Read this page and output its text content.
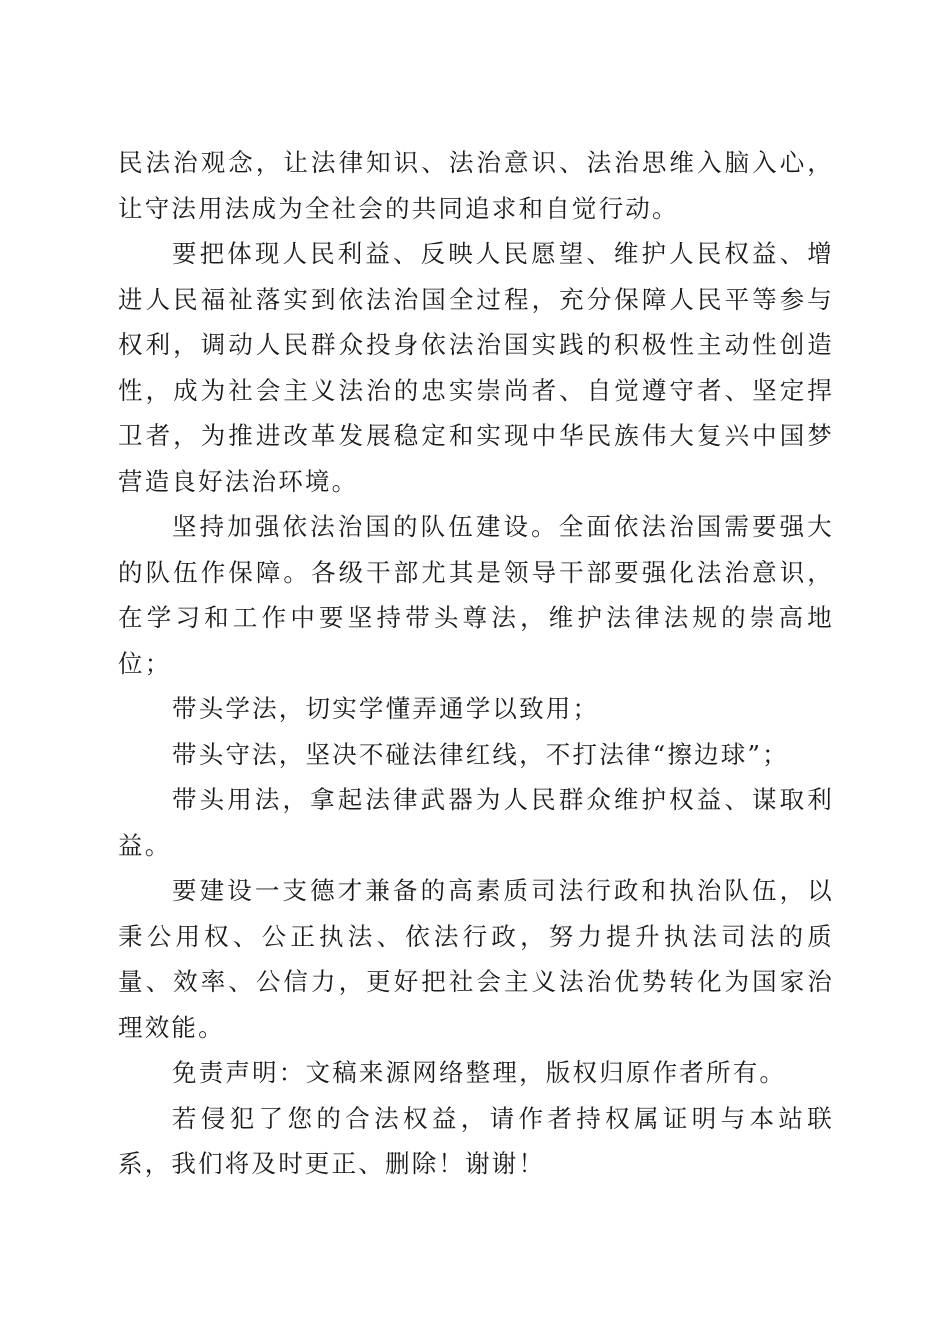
民法治观念，让法律知识、法治意识、法治思维入脑入心，让守法用法成为全社会的共同追求和自觉行动。

要把体现人民利益、反映人民愿望、维护人民权益、增进人民福祉落实到依法治国全过程，充分保障人民平等参与权利，调动人民群众投身依法治国实践的积极性主动性创造性，成为社会主义法治的忠实崇尚者、自觉遵守者、坚定捍卫者，为推进改革发展稳定和实现中华民族伟大复兴中国梦营造良好法治环境。

坚持加强依法治国的队伍建设。全面依法治国需要强大的队伍作保障。各级干部尤其是领导干部要强化法治意识，在学习和工作中要坚持带头尊法，维护法律法规的崇高地位；

带头学法，切实学懂弄通学以致用；

带头守法，坚决不碰法律红线，不打法律“擦边球”；

带头用法，拿起法律武器为人民群众维护权益、谋取利益。

要建设一支德才兼备的高素质司法行政和执治队伍，以秉公用权、公正执法、依法行政，努力提升执法司法的质量、效率、公信力，更好把社会主义法治优势转化为国家治理效能。

免责声明：文稿来源网络整理，版权归原作者所有。

若侵犯了您的合法权益，请作者持权属证明与本站联系，我们将及时更正、删除！谢谢！
